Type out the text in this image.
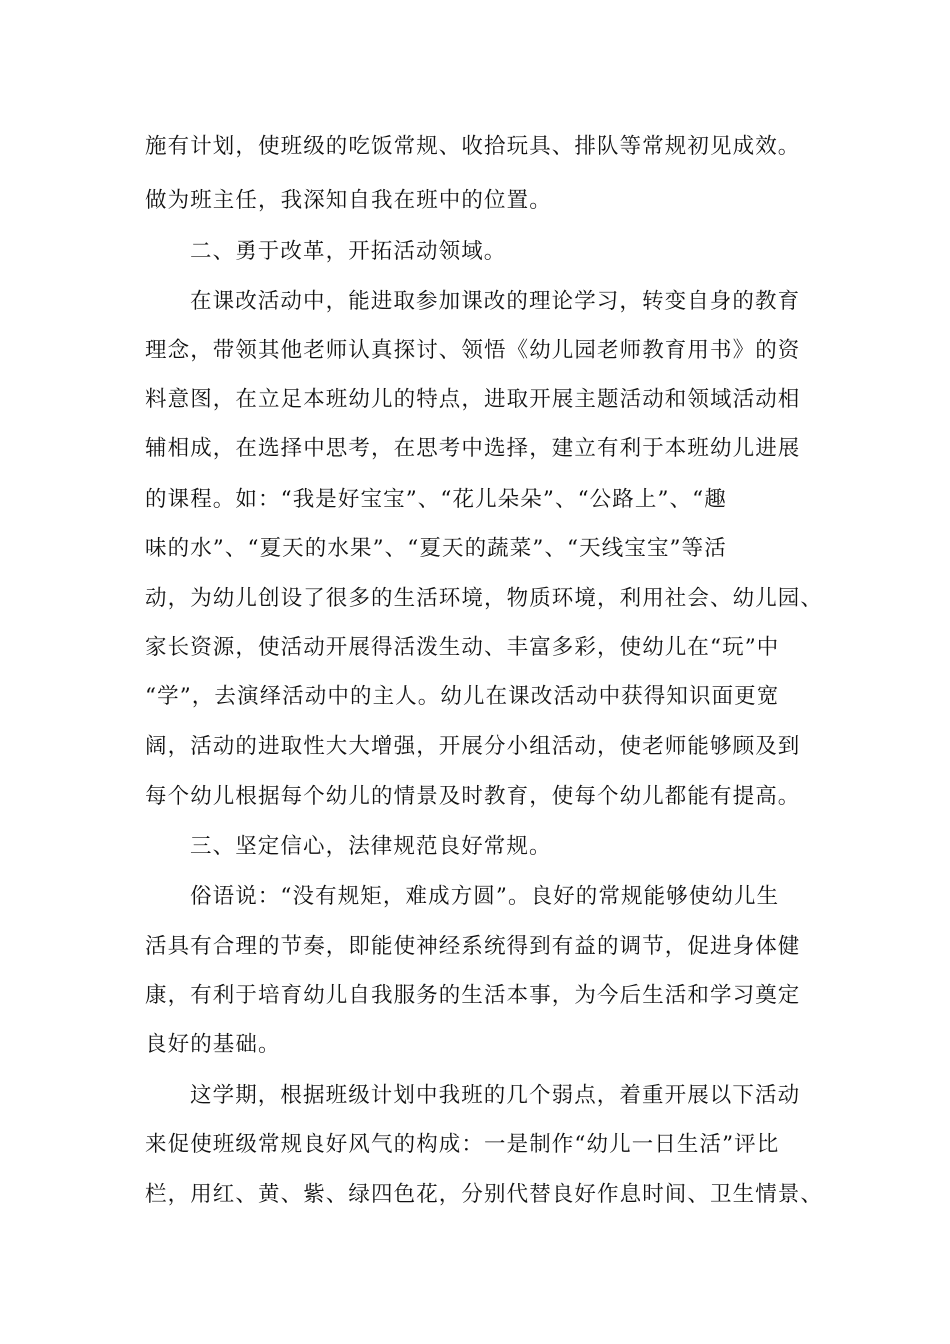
施有计划，使班级的吃饭常规、收拾玩具、排队等常规初见成效。
做为班主任，我深知自我在班中的位置。
二、勇于改革，开拓活动领域。
在课改活动中，能进取参加课改的理论学习，转变自身的教育
理念，带领其他老师认真探讨、领悟《幼儿园老师教育用书》的资
料意图，在立足本班幼儿的特点，进取开展主题活动和领域活动相
辅相成，在选择中思考，在思考中选择，建立有利于本班幼儿进展
的课程。如：“我是好宝宝”、“花儿朵朵”、“公路上”、“趣
味的水”、“夏天的水果”、“夏天的蔬菜”、“天线宝宝”等活
动，为幼儿创设了很多的生活环境，物质环境，利用社会、幼儿园、
家长资源，使活动开展得活泼生动、丰富多彩，使幼儿在“玩”中
“学”，去演绎活动中的主人。幼儿在课改活动中获得知识面更宽
阔，活动的进取性大大增强，开展分小组活动，使老师能够顾及到
每个幼儿根据每个幼儿的情景及时教育，使每个幼儿都能有提高。
三、坚定信心，法律规范良好常规。
俗语说：“没有规矩，难成方圆”。良好的常规能够使幼儿生
活具有合理的节奏，即能使神经系统得到有益的调节，促进身体健
康，有利于培育幼儿自我服务的生活本事，为今后生活和学习奠定
良好的基础。
这学期，根据班级计划中我班的几个弱点，着重开展以下活动
来促使班级常规良好风气的构成：一是制作“幼儿一日生活”评比
栏，用红、黄、紫、绿四色花，分别代替良好作息时间、卫生情景、
